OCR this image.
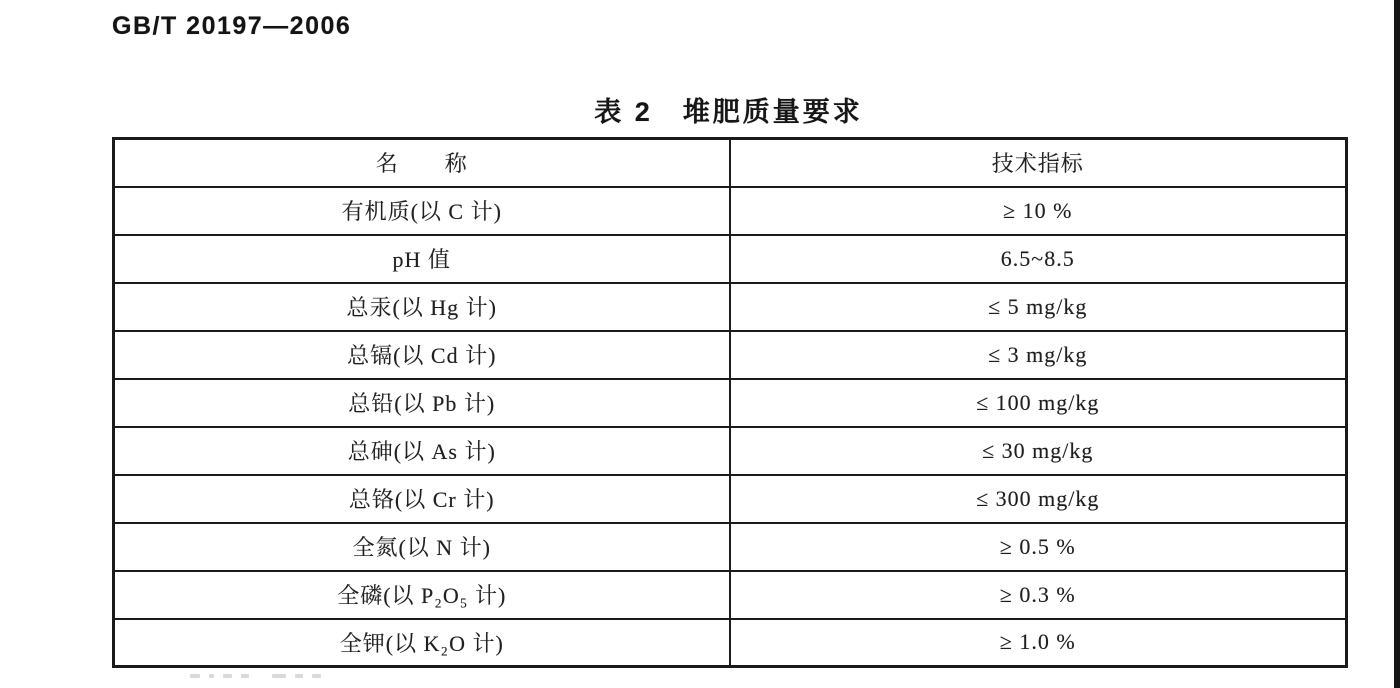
GB/T 20197—2006
表 2　堆肥质量要求
名　　称	技术指标
有机质(以 C 计)	≥ 10 %
pH 值	6.5~8.5
总汞(以 Hg 计)	≤ 5 mg/kg
总镉(以 Cd 计)	≤ 3 mg/kg
总铅(以 Pb 计)	≤ 100 mg/kg
总砷(以 As 计)	≤ 30 mg/kg
总铬(以 Cr 计)	≤ 300 mg/kg
全氮(以 N 计)	≥ 0.5 %
全磷(以 P₂O₅ 计)	≥ 0.3 %
全钾(以 K₂O 计)	≥ 1.0 %
